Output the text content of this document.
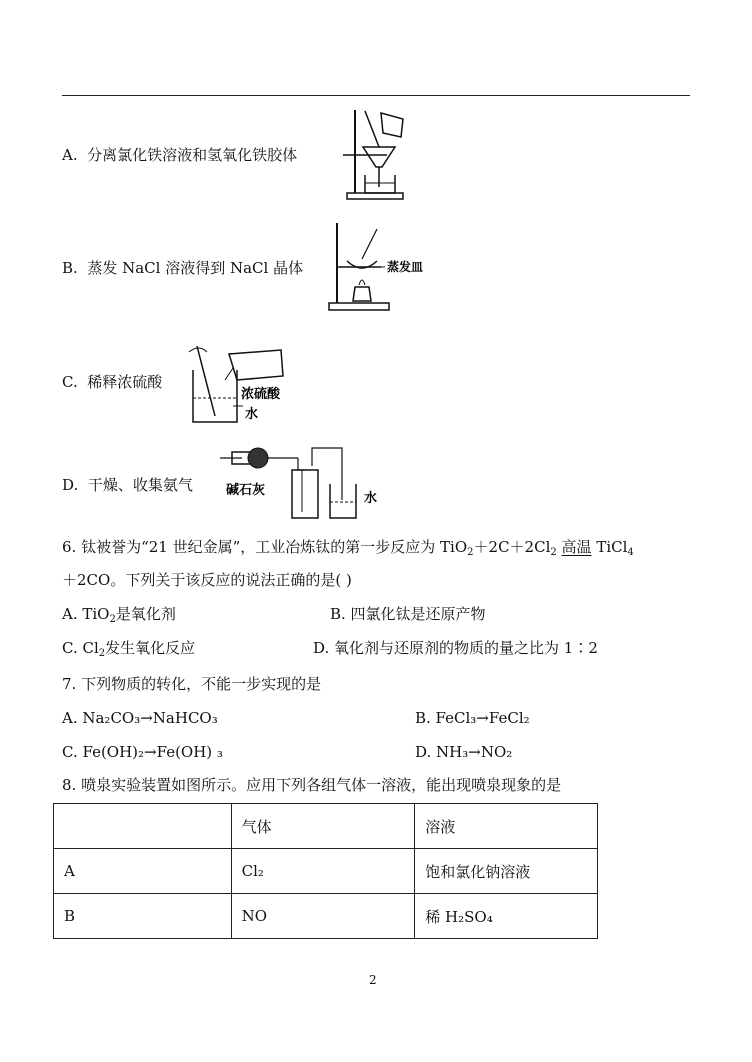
A. 分离氯化铁溶液和氢氧化铁胶体
B. 蒸发 NaCl 溶液得到 NaCl 晶体	蒸发皿
C. 稀释浓硫酸
浓硫酸
水
D. 干燥、收集氨气	碱石灰
水
6. 钛被誉为“21 世纪金属”，工业冶炼钛的第一步反应为 $TiO_2+2C+2Cl_2$ 高温 TiCl$_4$
＋2CO。下列关于该反应的说法正确的是( )
A. TiO$_2$是氧化剂	B. 四氯化钛是还原产物
C. $Cl_2$发生氧化反应	D. 氧化剂与还原剂的物质的量之比为 1∶2
7. 下列物质的转化，不能一步实现的是
A. Na₂CO₃→NaHCO₃	B. FeCl₃→FeCl₂
C. Fe(OH)₂→Fe(OH) ₃	D. NH₃→NO₂
8. 喷泉实验装置如图所示。应用下列各组气体一溶液，能出现喷泉现象的是
	气体	溶液
A	Cl₂	饱和氯化钠溶液
B	NO	稀 H₂SO₄
2
